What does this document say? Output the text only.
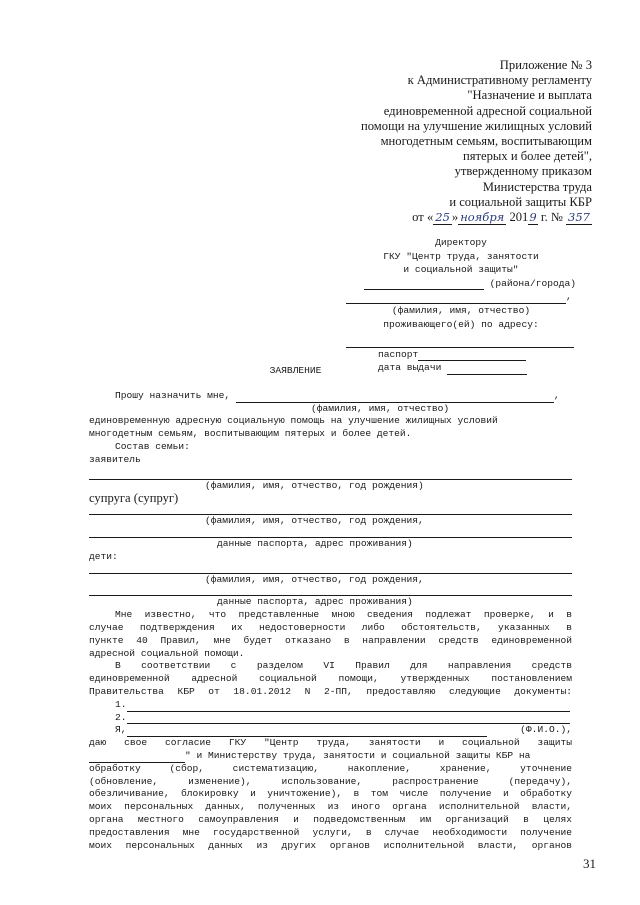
Приложение № 3
к Административному регламенту
"Назначение и выплата
единовременной адресной социальной
помощи на улучшение жилищных условий
многодетным семьям, воспитывающим
пятерых и более детей",
утвержденному приказом
Министерства труда
и социальной защиты КБР
от « 25 » ноября 2019 г. № 357
Директору
ГКУ "Центр труда, занятости
и социальной защиты"
(района/города)
,
(фамилия, имя, отчество)
проживающего(ей) по адресу:
паспорт
дата выдачи
ЗАЯВЛЕНИЕ
Прошу назначить мне,	,
(фамилия, имя, отчество)
единовременную адресную социальную помощь на улучшение жилищных условий
многодетным семьям, воспитывающим пятерых и более детей.
Состав семьи:
заявитель
(фамилия, имя, отчество, год рождения)
супруга (супруг)
(фамилия, имя, отчество, год рождения,
данные паспорта, адрес проживания)
дети:
(фамилия, имя, отчество, год рождения,
данные паспорта, адрес проживания)
Мне известно, что представленные мною сведения подлежат проверке, и в
случае подтверждения их недостоверности либо обстоятельств, указанных в
пункте 40 Правил, мне будет отказано в направлении средств единовременной
адресной социальной помощи.
В соответствии с разделом VI Правил для направления средств
единовременной адресной социальной помощи, утвержденных постановлением
Правительства КБР от 18.01.2012 N 2-ПП, предоставляю следующие документы:
1.
2.
Я,	(Ф.И.О.),
даю свое согласие ГКУ "Центр труда, занятости и социальной защиты
" и Министерству труда, занятости и социальной защиты КБР на
обработку (сбор, систематизацию, накопление, хранение, уточнение
(обновление, изменение), использование, распространение (передачу),
обезличивание, блокировку и уничтожение), в том числе получение и обработку
моих персональных данных, полученных из иного органа исполнительной власти,
органа местного самоуправления и подведомственным им организаций в целях
предоставления мне государственной услуги, в случае необходимости получение
моих персональных данных из других органов исполнительной власти, органов
31
